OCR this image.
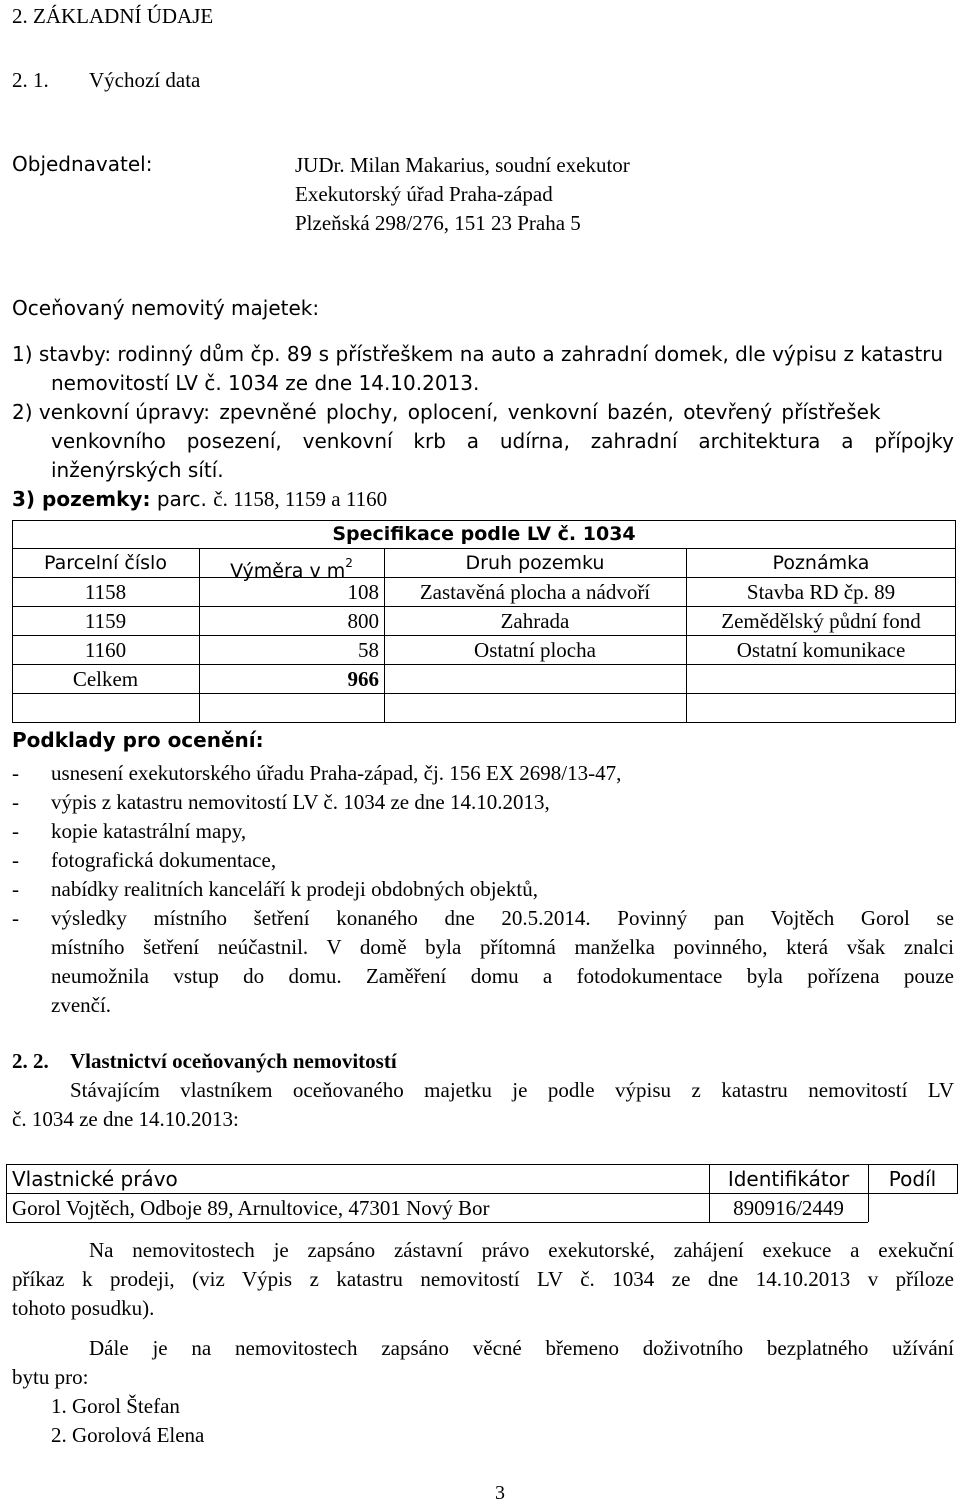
2. ZÁKLADNÍ ÚDAJE
2. 1. Výchozí data
Objednavatel:	JUDr. Milan Makarius, soudní exekutor
Exekutorský úřad Praha-západ
Plzeňská 298/276, 151 23 Praha 5
Oceňovaný nemovitý majetek:
1) stavby: rodinný dům čp. 89 s přístřeškem na auto a zahradní domek, dle výpisu z katastru
nemovitostí LV č. 1034 ze dne 14.10.2013.
2) venkovní úpravy: zpevněné plochy, oplocení, venkovní bazén, otevřený přístřešek
venkovního posezení, venkovní krb a udírna, zahradní architektura a přípojky
inženýrských sítí.
3) pozemky: parc. č. 1158, 1159 a 1160
Specifikace podle LV č. 1034
Parcelní číslo	Výměra v $m^2$	Druh pozemku	Poznámka
1158	108	Zastavěná plocha a nádvoří	Stavba RD čp. 89
1159	800	Zahrada	Zemědělský půdní fond
1160	58	Ostatní plocha	Ostatní komunikace
Celkem	966
Podklady pro ocenění:
- usnesení exekutorského úřadu Praha-západ, čj. 156 EX 2698/13-47,
- výpis z katastru nemovitostí LV č. 1034 ze dne 14.10.2013,
- kopie katastrální mapy,
- fotografická dokumentace,
- nabídky realitních kanceláří k prodeji obdobných objektů,
- výsledky místního šetření konaného dne 20.5.2014. Povinný pan Vojtěch Gorol se
místního šetření neúčastnil. V domě byla přítomná manželka povinného, která však znalci
neumožnila vstup do domu. Zaměření domu a fotodokumentace byla pořízena pouze
zvenčí.
2. 2. Vlastnictví oceňovaných nemovitostí
Stávajícím vlastníkem oceňovaného majetku je podle výpisu z katastru nemovitostí LV
č. 1034 ze dne 14.10.2013:
Vlastnické právo	Identifikátor	Podíl
Gorol Vojtěch, Odboje 89, Arnultovice, 47301 Nový Bor	890916/2449
Na nemovitostech je zapsáno zástavní právo exekutorské, zahájení exekuce a exekuční
příkaz k prodeji, (viz Výpis z katastru nemovitostí LV č. 1034 ze dne 14.10.2013 v příloze
tohoto posudku).
Dále je na nemovitostech zapsáno věcné břemeno doživotního bezplatného užívání
bytu pro:
1. Gorol Štefan
2. Gorolová Elena
3
